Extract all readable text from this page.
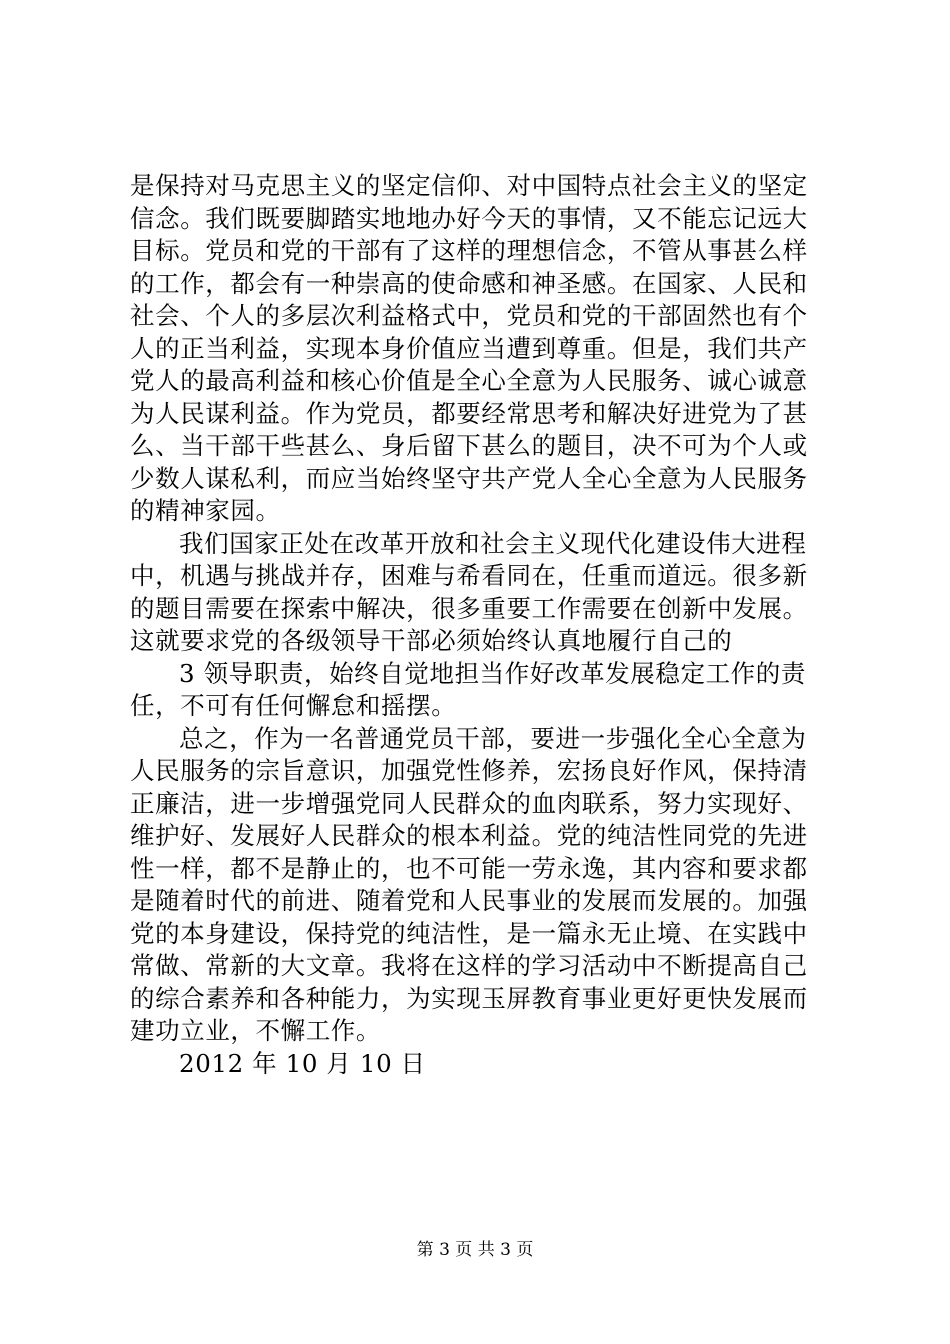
是保持对马克思主义的坚定信仰、对中国特点社会主义的坚定
信念。我们既要脚踏实地地办好今天的事情，又不能忘记远大
目标。党员和党的干部有了这样的理想信念，不管从事甚么样
的工作，都会有一种崇高的使命感和神圣感。在国家、人民和
社会、个人的多层次利益格式中，党员和党的干部固然也有个
人的正当利益，实现本身价值应当遭到尊重。但是，我们共产
党人的最高利益和核心价值是全心全意为人民服务、诚心诚意
为人民谋利益。作为党员，都要经常思考和解决好进党为了甚
么、当干部干些甚么、身后留下甚么的题目，决不可为个人或
少数人谋私利，而应当始终坚守共产党人全心全意为人民服务
的精神家园。
我们国家正处在改革开放和社会主义现代化建设伟大进程
中，机遇与挑战并存，困难与希看同在，任重而道远。很多新
的题目需要在探索中解决，很多重要工作需要在创新中发展。
这就要求党的各级领导干部必须始终认真地履行自己的
3 领导职责，始终自觉地担当作好改革发展稳定工作的责
任，不可有任何懈怠和摇摆。
总之，作为一名普通党员干部，要进一步强化全心全意为
人民服务的宗旨意识，加强党性修养，宏扬良好作风，保持清
正廉洁，进一步增强党同人民群众的血肉联系，努力实现好、
维护好、发展好人民群众的根本利益。党的纯洁性同党的先进
性一样，都不是静止的，也不可能一劳永逸，其内容和要求都
是随着时代的前进、随着党和人民事业的发展而发展的。加强
党的本身建设，保持党的纯洁性，是一篇永无止境、在实践中
常做、常新的大文章。我将在这样的学习活动中不断提高自己
的综合素养和各种能力，为实现玉屏教育事业更好更快发展而
建功立业，不懈工作。
2012 年 10 月 10 日
第 3 页 共 3 页
